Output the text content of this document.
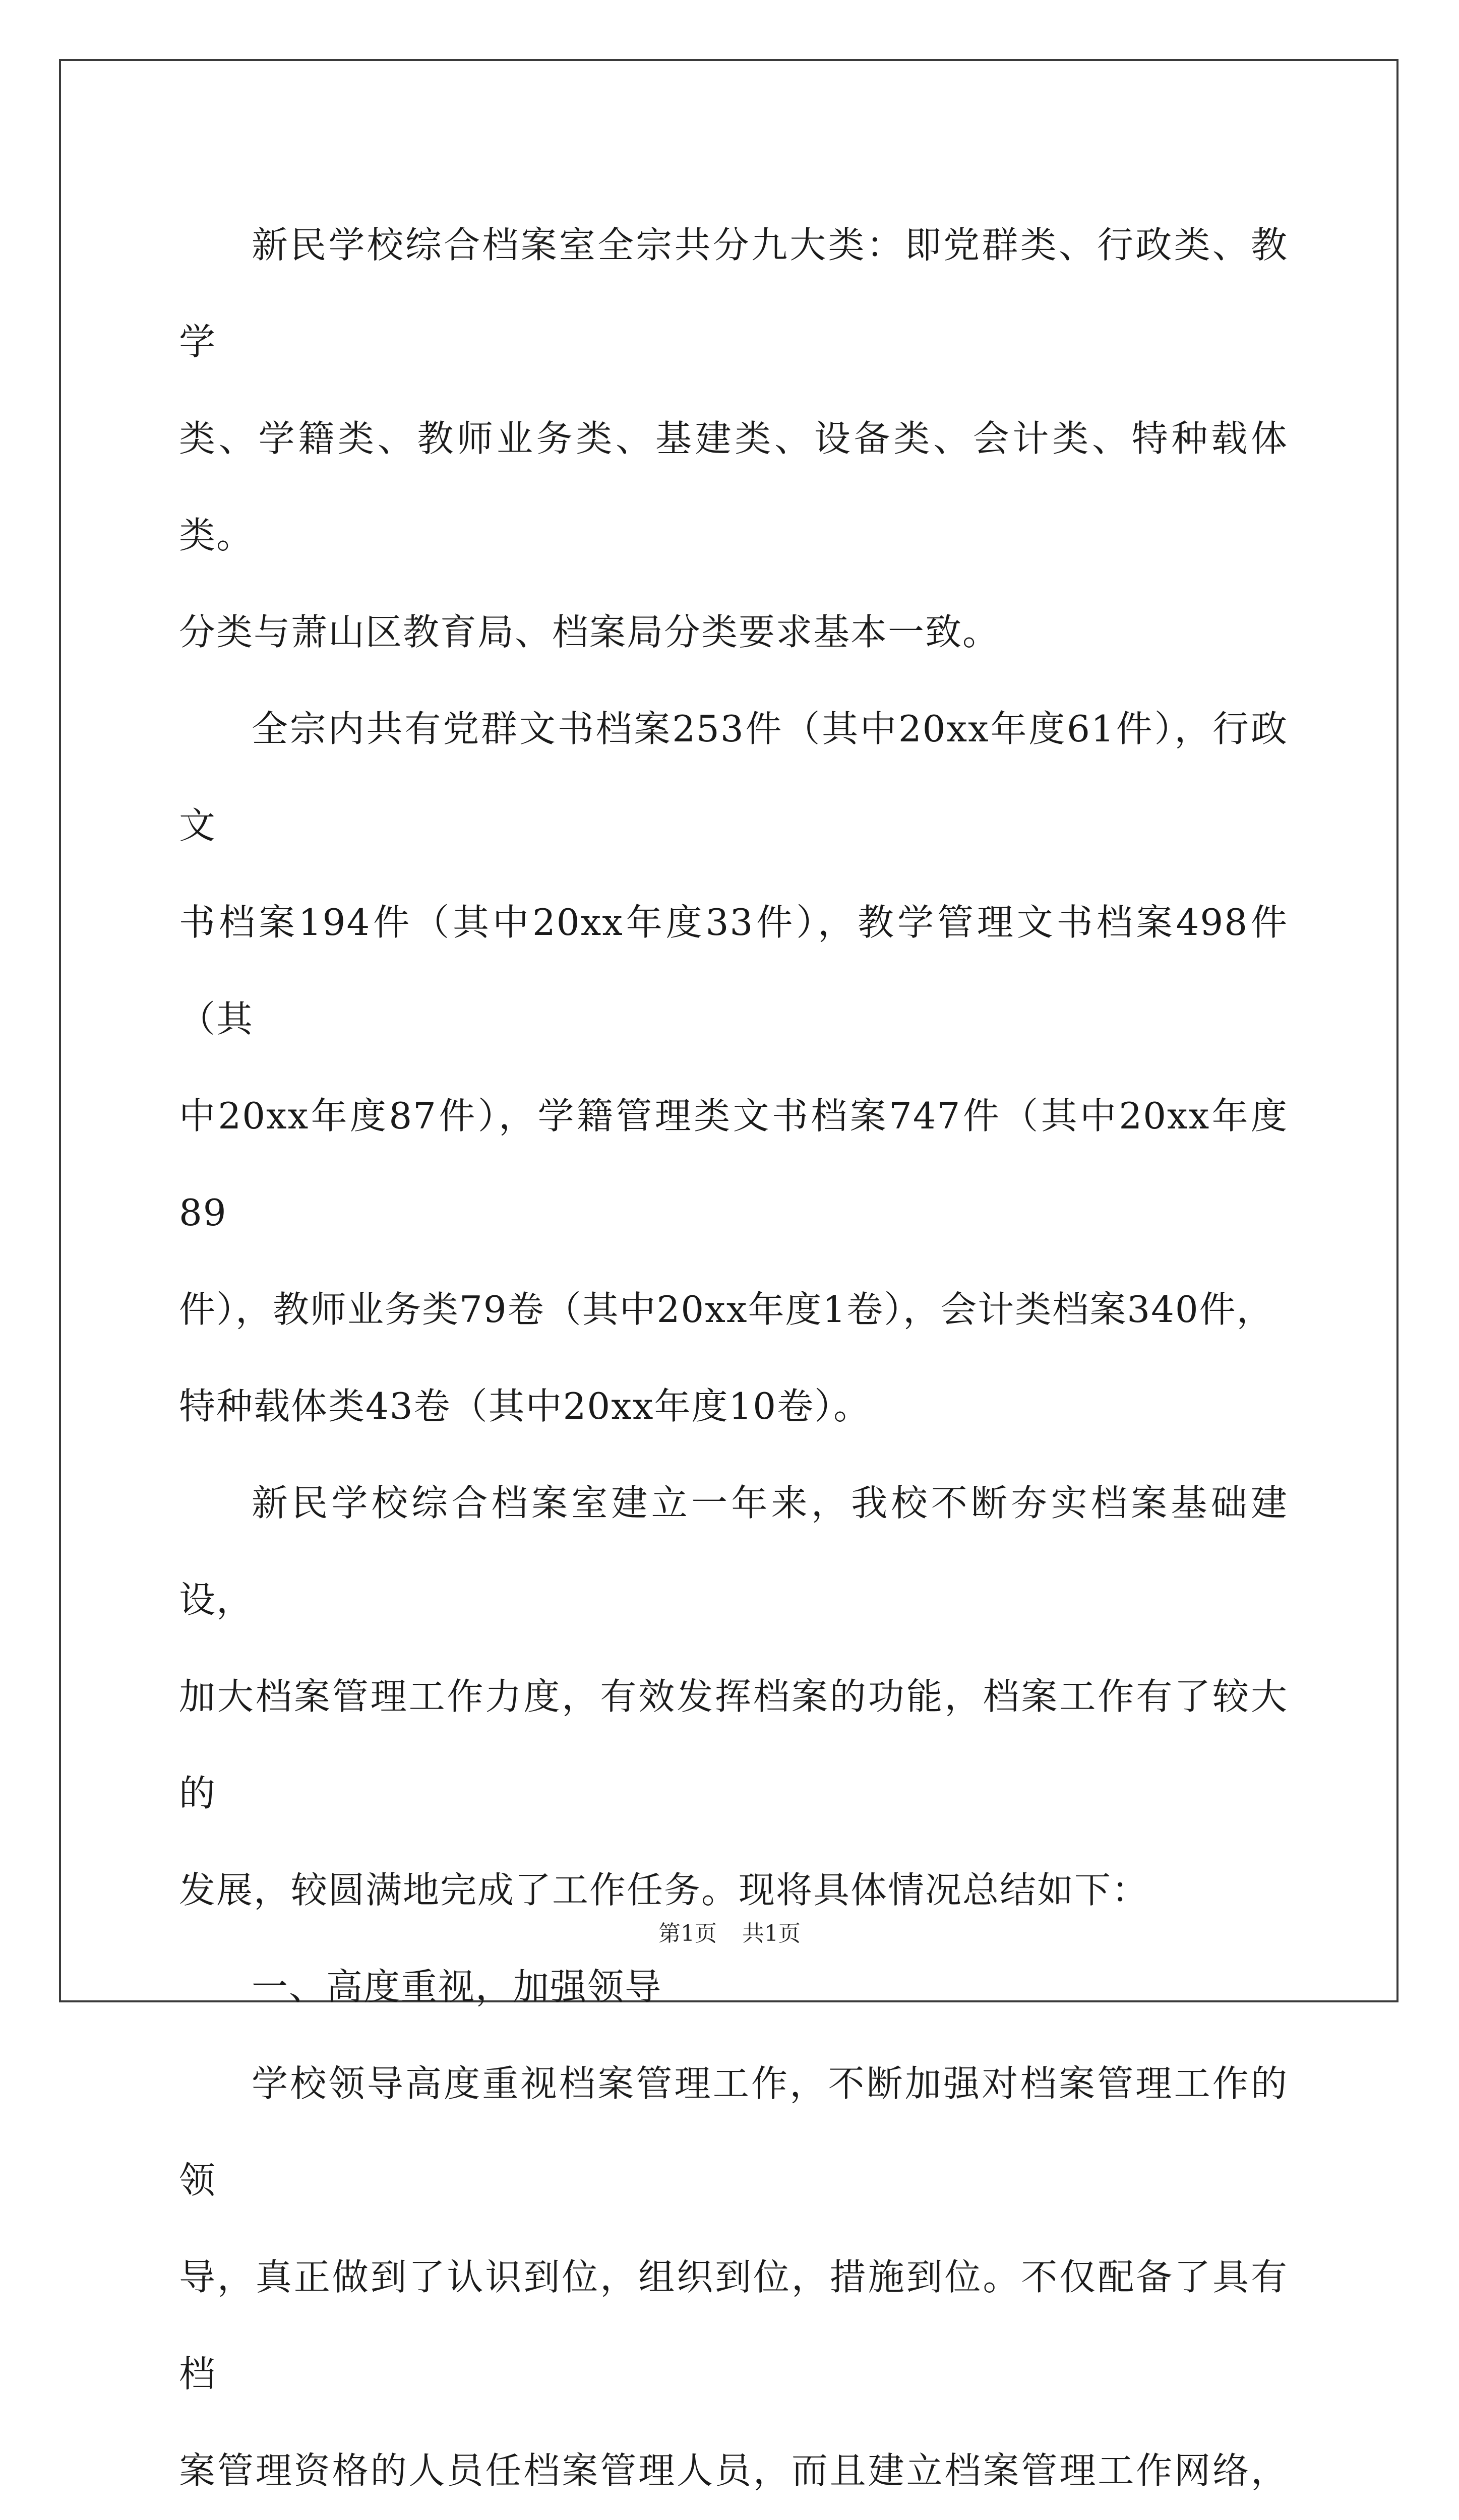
新民学校综合档案室全宗共分九大类：即党群类、行政类、教学
类、学籍类、教师业务类、基建类、设备类、会计类、特种载体类。
分类与萧山区教育局、档案局分类要求基本一致。
全宗内共有党群文书档案253件（其中20xx年度61件），行政文
书档案194件（其中20xx年度33件），教学管理文书档案498件（其
中20xx年度87件），学籍管理类文书档案747件（其中20xx年度89
件），教师业务类79卷（其中20xx年度1卷），会计类档案340件，
特种载体类43卷（其中20xx年度10卷）。
新民学校综合档案室建立一年来，我校不断夯实档案基础建设，
加大档案管理工作力度，有效发挥档案的功能，档案工作有了较大的
发展，较圆满地完成了工作任务。现将具体情况总结如下：
一、高度重视，加强领导
学校领导高度重视档案管理工作，不断加强对档案管理工作的领
导，真正做到了认识到位，组织到位，措施到位。不仅配备了具有档
案管理资格的人员任档案管理人员，而且建立档案管理工作网络，
第1页 共1页
